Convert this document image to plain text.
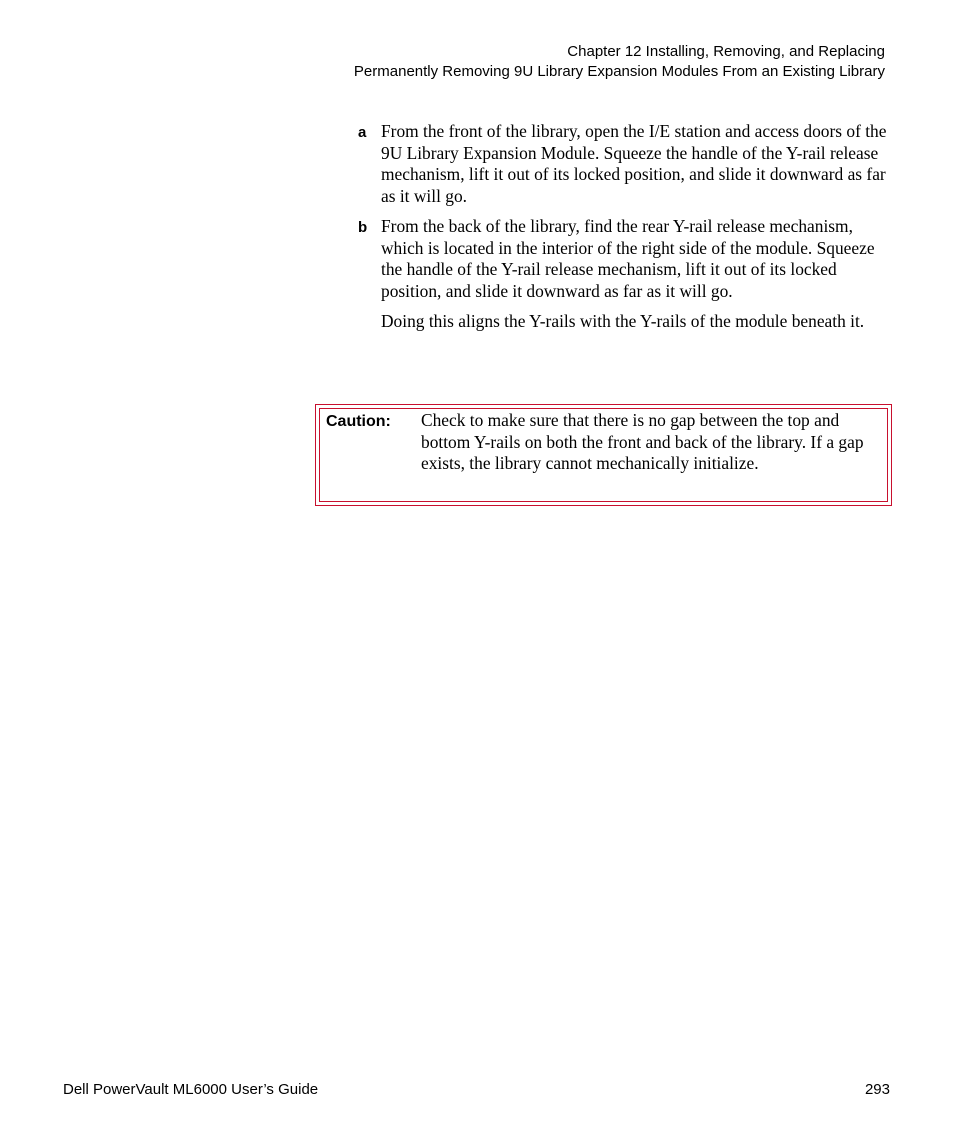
Chapter 12 Installing, Removing, and Replacing
Permanently Removing 9U Library Expansion Modules From an Existing Library
a From the front of the library, open the I/E station and access doors of the 9U Library Expansion Module. Squeeze the handle of the Y-rail release mechanism, lift it out of its locked position, and slide it downward as far as it will go.
b From the back of the library, find the rear Y-rail release mechanism, which is located in the interior of the right side of the module. Squeeze the handle of the Y-rail release mechanism, lift it out of its locked position, and slide it downward as far as it will go.
Doing this aligns the Y-rails with the Y-rails of the module beneath it.
Caution: Check to make sure that there is no gap between the top and bottom Y-rails on both the front and back of the library. If a gap exists, the library cannot mechanically initialize.
Dell PowerVault ML6000 User’s Guide	293
